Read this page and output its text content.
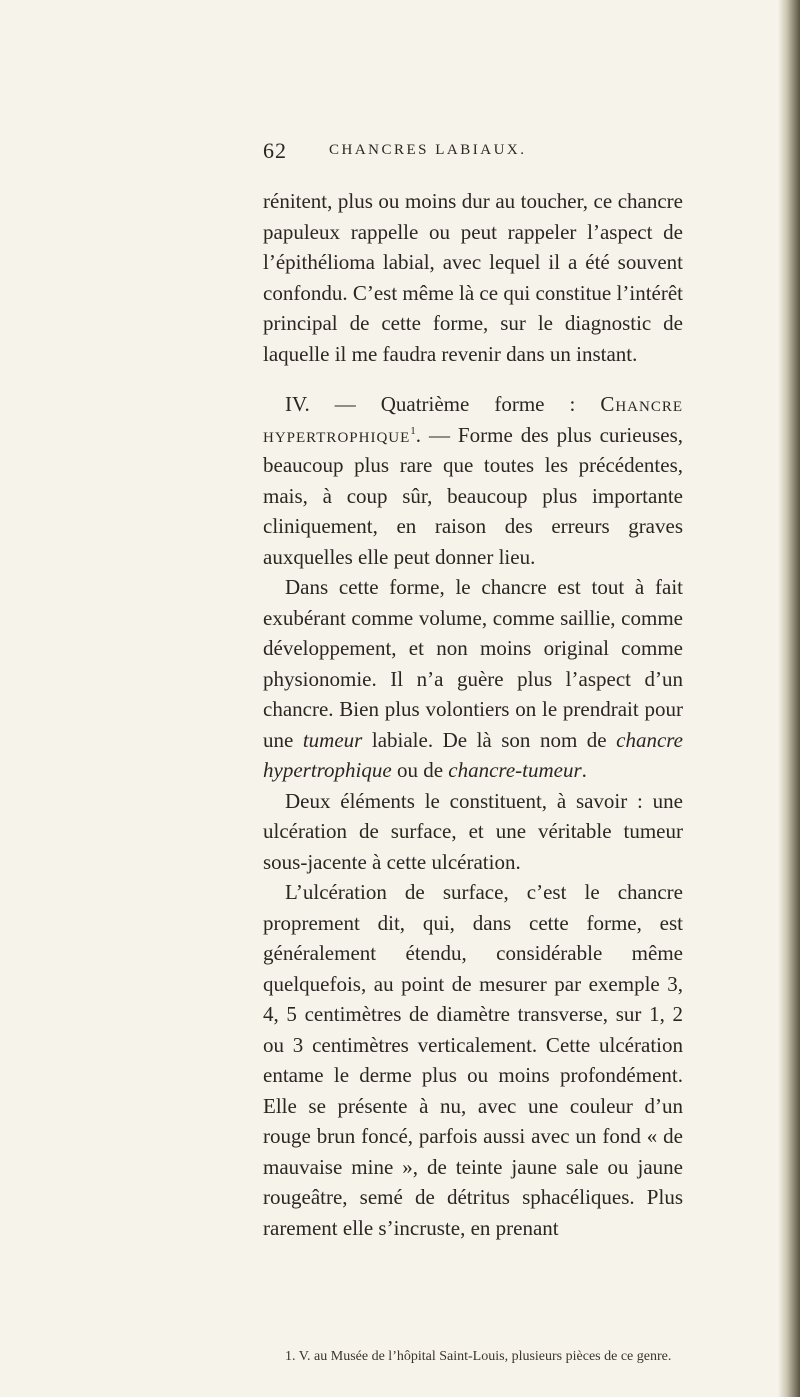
62	CHANCRES LABIAUX.

rénitent, plus ou moins dur au toucher, ce chancre papuleux rappelle ou peut rappeler l’aspect de l’épithélioma labial, avec lequel il a été souvent confondu. C’est même là ce qui constitue l’intérêt principal de cette forme, sur le diagnostic de laquelle il me faudra revenir dans un instant.

IV. — Quatrième forme : Chancre hypertrophique$^1$. — Forme des plus curieuses, beaucoup plus rare que toutes les précédentes, mais, à coup sûr, beaucoup plus importante cliniquement, en raison des erreurs graves auxquelles elle peut donner lieu.

Dans cette forme, le chancre est tout à fait exubérant comme volume, comme saillie, comme développement, et non moins original comme physionomie. Il n’a guère plus l’aspect d’un chancre. Bien plus volontiers on le prendrait pour une tumeur labiale. De là son nom de chancre hypertrophique ou de chancre-tumeur.

Deux éléments le constituent, à savoir : une ulcération de surface, et une véritable tumeur sous-jacente à cette ulcération.

L’ulcération de surface, c’est le chancre proprement dit, qui, dans cette forme, est généralement étendu, considérable même quelquefois, au point de mesurer par exemple 3, 4, 5 centimètres de diamètre transverse, sur 1, 2 ou 3 centimètres verticalement. Cette ulcération entame le derme plus ou moins profondément. Elle se présente à nu, avec une couleur d’un rouge brun foncé, parfois aussi avec un fond « de mauvaise mine », de teinte jaune sale ou jaune rougeâtre, semé de détritus sphacéliques. Plus rarement elle s’incruste, en prenant

1. V. au Musée de l’hôpital Saint-Louis, plusieurs pièces de ce genre.
